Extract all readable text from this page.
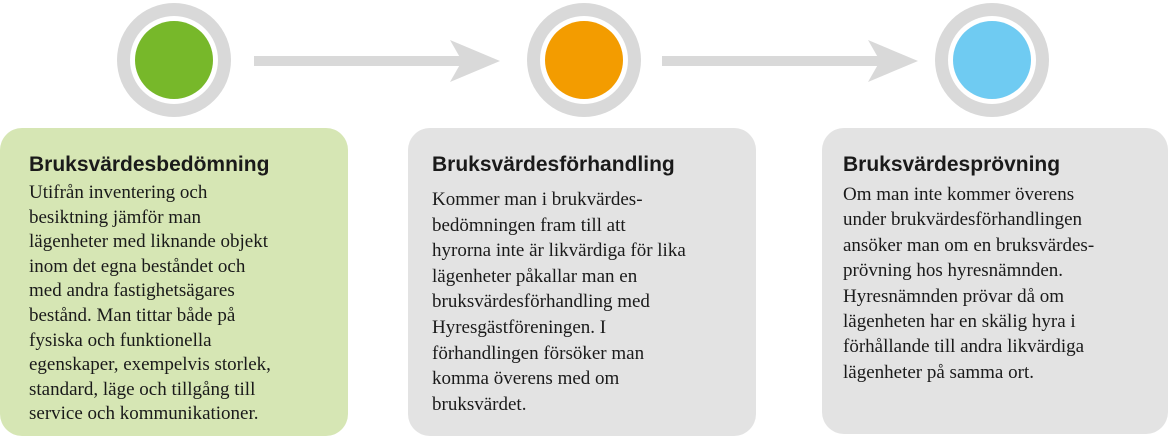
Bruksvärdesbedömning

Utifrån inventering och
besiktning jämför man
lägenheter med liknande objekt
inom det egna beståndet och
med andra fastighetsägares
bestånd. Man tittar både på
fysiska och funktionella
egenskaper, exempelvis storlek,
standard, läge och tillgång till
service och kommunikationer.

Bruksvärdesförhandling

Kommer man i brukvärdes-
bedömningen fram till att
hyrorna inte är likvärdiga för lika
lägenheter påkallar man en
bruksvärdesförhandling med
Hyresgästföreningen. I
förhandlingen försöker man
komma överens med om
bruksvärdet.

Bruksvärdesprövning

Om man inte kommer överens
under brukvärdesförhandlingen
ansöker man om en bruksvärdes-
prövning hos hyresnämnden.
Hyresnämnden prövar då om
lägenheten har en skälig hyra i
förhållande till andra likvärdiga
lägenheter på samma ort.
